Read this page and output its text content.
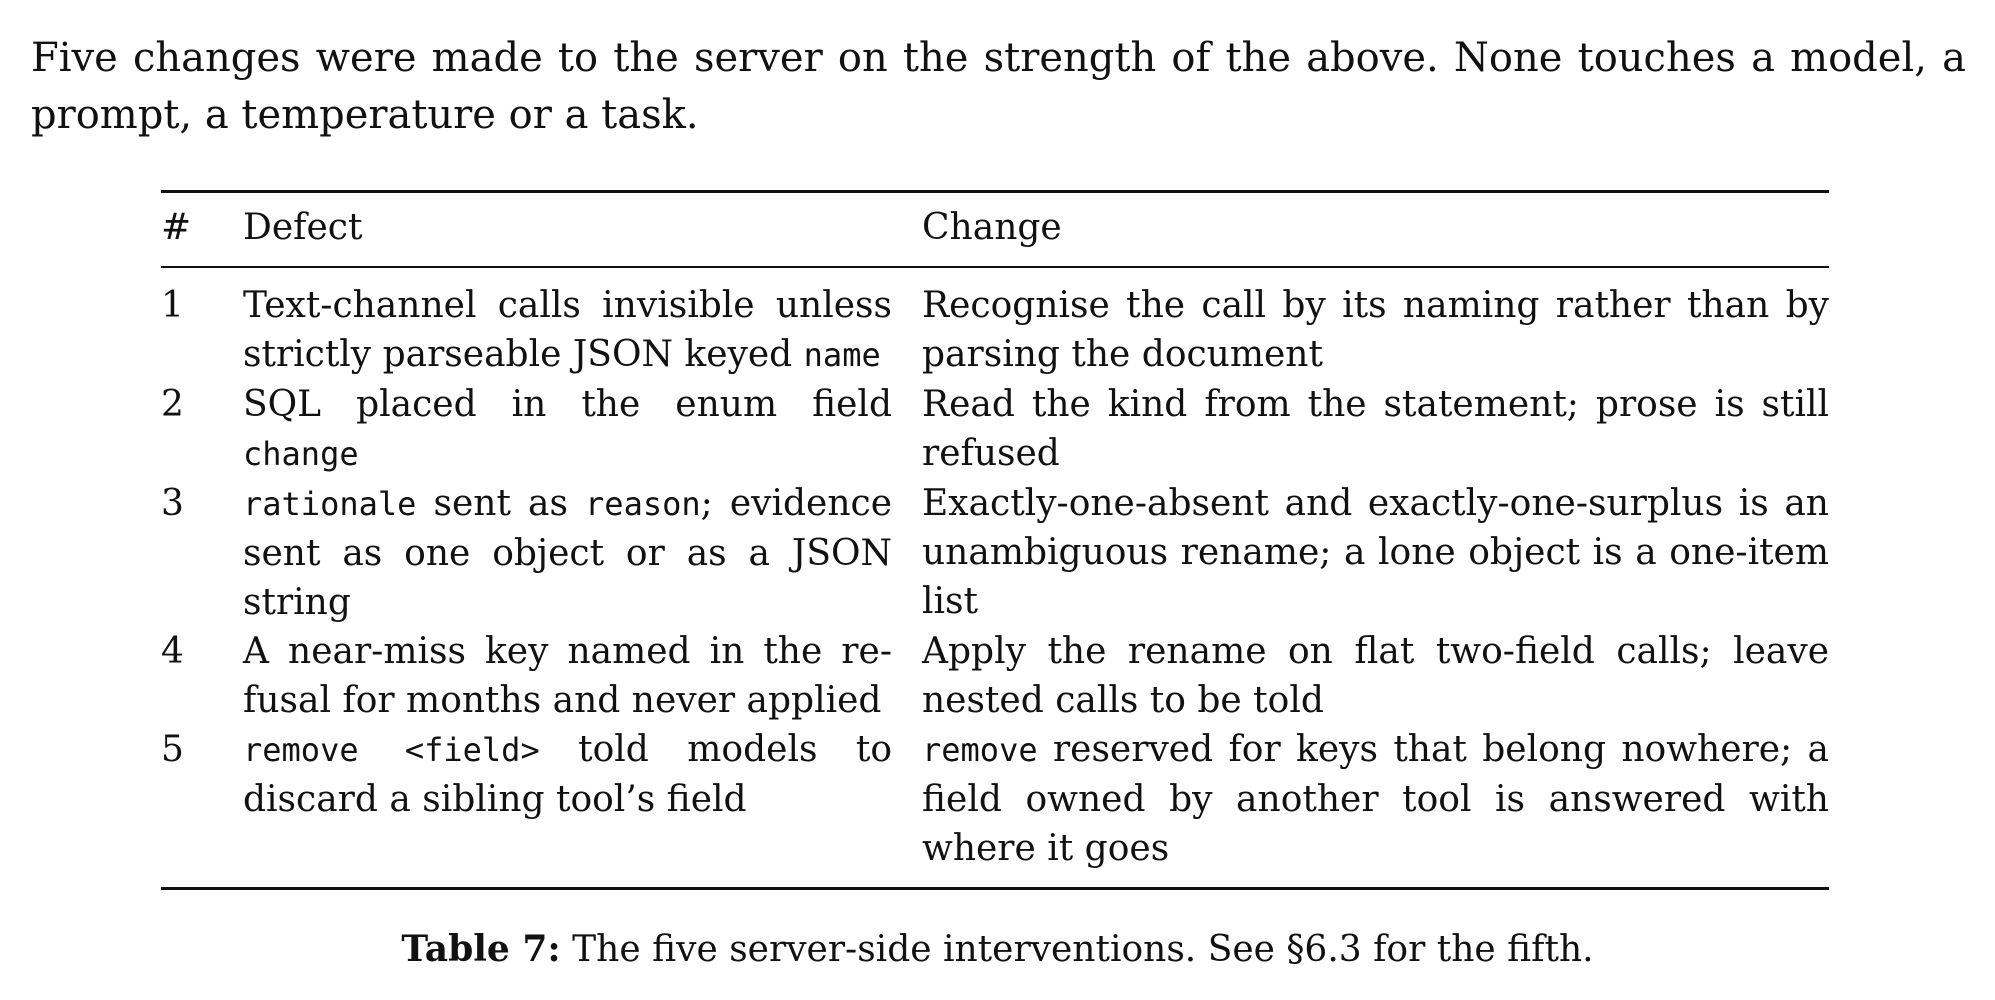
Five changes were made to the server on the strength of the above. None touches a model, a prompt, a temperature or a task.

#	Defect	Change
1	Text-channel calls invisible unless strictly parseable JSON keyed name	Recognise the call by its naming rather than by parsing the document
2	SQL placed in the enum field change	Read the kind from the statement; prose is still refused
3	rationale sent as reason; evidence sent as one object or as a JSON string	Exactly-one-absent and exactly-one-surplus is an unambiguous rename; a lone object is a one-item list
4	A near-miss key named in the refusal for months and never applied	Apply the rename on flat two-field calls; leave nested calls to be told
5	remove <field> told models to discard a sibling tool’s field	remove reserved for keys that belong nowhere; a field owned by another tool is answered with where it goes
Table 7: The five server-side interventions. See §6.3 for the fifth.
